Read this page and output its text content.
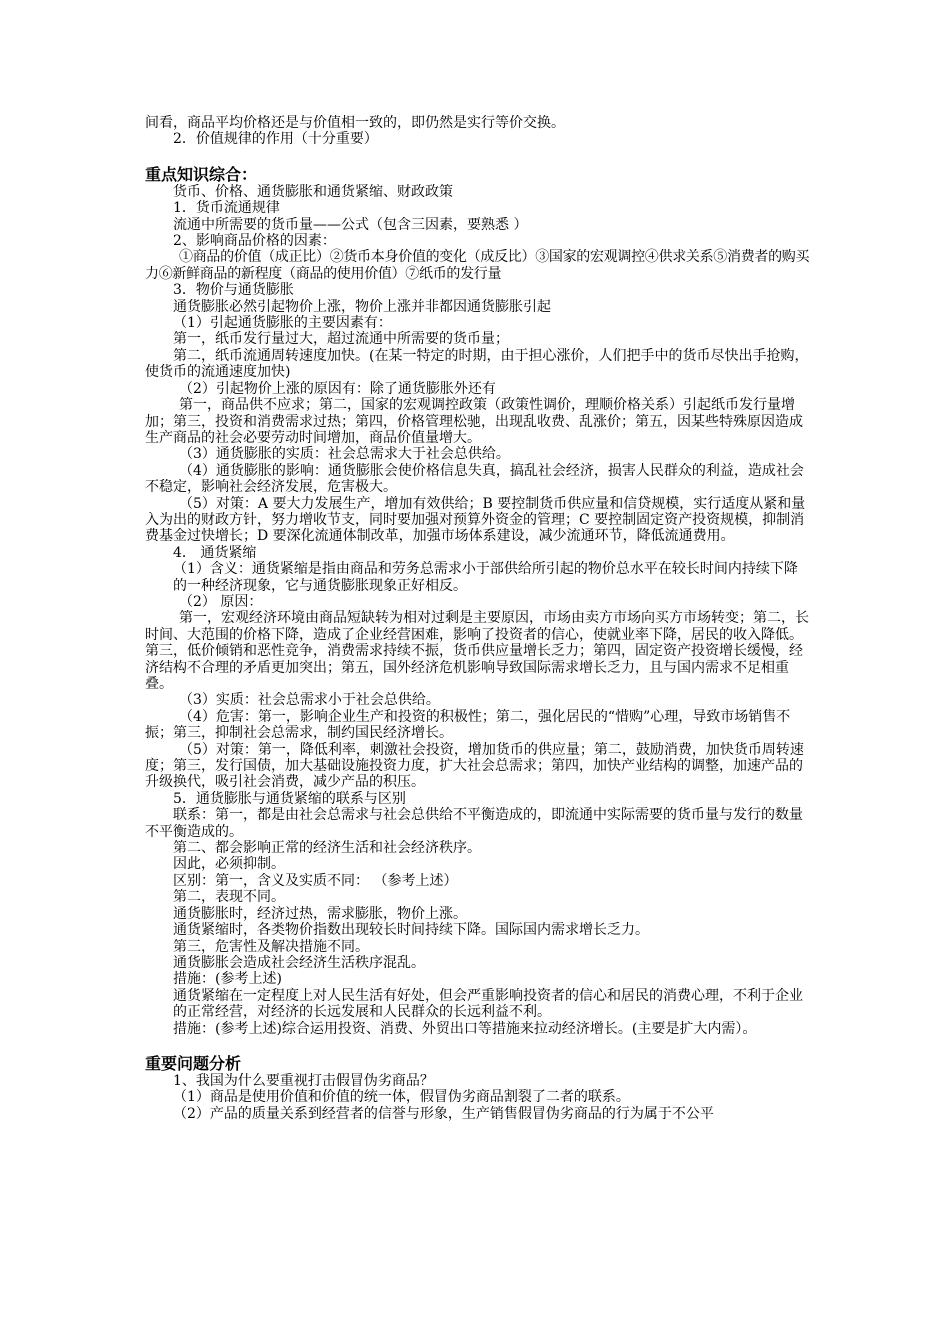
间看，商品平均价格还是与价值相一致的，即仍然是实行等价交换。

2．价值规律的作用（十分重要）

重点知识综合：

货币、价格、通货膨胀和通货紧缩、财政政策

1．货币流通规律

流通中所需要的货币量——公式（包含三因素，要熟悉 ）

2、影响商品价格的因素：

①商品的价值（成正比）②货币本身价值的变化（成反比）③国家的宏观调控④供求关系⑤消费者的购买力⑥新鲜商品的新程度（商品的使用价值）⑦纸币的发行量

3．物价与通货膨胀

通货膨胀必然引起物价上涨，物价上涨并非都因通货膨胀引起

（1）引起通货膨胀的主要因素有：

第一，纸币发行量过大，超过流通中所需要的货币量；

第二，纸币流通周转速度加快。(在某一特定的时期，由于担心涨价，人们把手中的货币尽快出手抢购，使货币的流通速度加快)

（2）引起物价上涨的原因有：除了通货膨胀外还有

第一，商品供不应求；第二，国家的宏观调控政策（政策性调价，理顺价格关系）引起纸币发行量增加；第三，投资和消费需求过热；第四，价格管理松驰，出现乱收费、乱涨价；第五，因某些特殊原因造成生产商品的社会必要劳动时间增加，商品价值量增大。

（3）通货膨胀的实质：社会总需求大于社会总供给。

（4）通货膨胀的影响：通货膨胀会使价格信息失真，搞乱社会经济，损害人民群众的利益，造成社会不稳定，影响社会经济发展，危害极大。

（5）对策：A 要大力发展生产，增加有效供给；B 要控制货币供应量和信贷规模，实行适度从紧和量入为出的财政方针，努力增收节支，同时要加强对预算外资金的管理；C 要控制固定资产投资规模，抑制消费基金过快增长；D 要深化流通体制改革，加强市场体系建设，减少流通环节，降低流通费用。

4． 通货紧缩

（1）含义：通货紧缩是指由商品和劳务总需求小于部供给所引起的物价总水平在较长时间内持续下降的一种经济现象，它与通货膨胀现象正好相反。

（2） 原因：

第一，宏观经济环境由商品短缺转为相对过剩是主要原因，市场由卖方市场向买方市场转变；第二，长时间、大范围的价格下降，造成了企业经营困难，影响了投资者的信心，使就业率下降，居民的收入降低。第三，低价倾销和恶性竞争，消费需求持续不振，货币供应量增长乏力；第四，固定资产投资增长缓慢，经济结构不合理的矛盾更加突出；第五，国外经济危机影响导致国际需求增长乏力，且与国内需求不足相重叠。

（3）实质：社会总需求小于社会总供给。

（4）危害：第一，影响企业生产和投资的积极性；第二，强化居民的“惜购”心理，导致市场销售不振；第三，抑制社会总需求，制约国民经济增长。

（5）对策：第一，降低利率，刺激社会投资，增加货币的供应量；第二，鼓励消费，加快货币周转速度；第三，发行国债，加大基础设施投资力度，扩大社会总需求；第四，加快产业结构的调整，加速产品的升级换代，吸引社会消费，减少产品的积压。

5．通货膨胀与通货紧缩的联系与区别

联系：第一，都是由社会总需求与社会总供给不平衡造成的，即流通中实际需要的货币量与发行的数量不平衡造成的。

第二、都会影响正常的经济生活和社会经济秩序。

因此，必须抑制。

区别：第一，含义及实质不同： （参考上述）

第二，表现不同。

通货膨胀时，经济过热，需求膨胀，物价上涨。

通货紧缩时，各类物价指数出现较长时间持续下降。国际国内需求增长乏力。

第三，危害性及解决措施不同。

通货膨胀会造成社会经济生活秩序混乱。

措施：(参考上述)

通货紧缩在一定程度上对人民生活有好处，但会严重影响投资者的信心和居民的消费心理，不利于企业的正常经营，对经济的长远发展和人民群众的长远利益不利。

措施：(参考上述)综合运用投资、消费、外贸出口等措施来拉动经济增长。(主要是扩大内需）。

重要问题分析

1、我国为什么要重视打击假冒伪劣商品？

（1）商品是使用价值和价值的统一体，假冒伪劣商品割裂了二者的联系。

（2）产品的质量关系到经营者的信誉与形象，生产销售假冒伪劣商品的行为属于不公平
